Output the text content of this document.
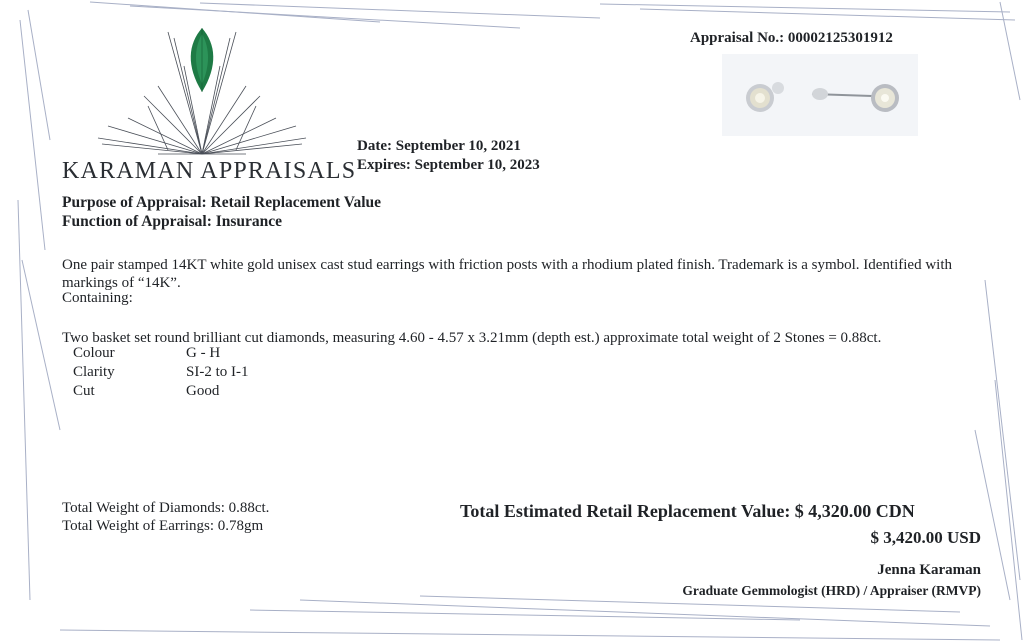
Appraisal No.: 00002125301912
KARAMAN APPRAISALS
Date: September 10, 2021
Expires: September 10, 2023
Purpose of Appraisal: Retail Replacement Value
Function of Appraisal: Insurance
One pair stamped 14KT white gold unisex cast stud earrings with friction posts with a rhodium plated finish. Trademark is a symbol. Identified with markings of “14K”.
Containing:
Two basket set round brilliant cut diamonds, measuring 4.60 - 4.57 x 3.21mm (depth est.) approximate total weight of 2 Stones = 0.88ct.
Colour	G - H
Clarity	SI-2 to I-1
Cut	Good
Total Weight of Diamonds: 0.88ct.
Total Weight of Earrings: 0.78gm
Total Estimated Retail Replacement Value: $ 4,320.00 CDN
$ 3,420.00 USD
Jenna Karaman
Graduate Gemmologist (HRD) / Appraiser (RMVP)
